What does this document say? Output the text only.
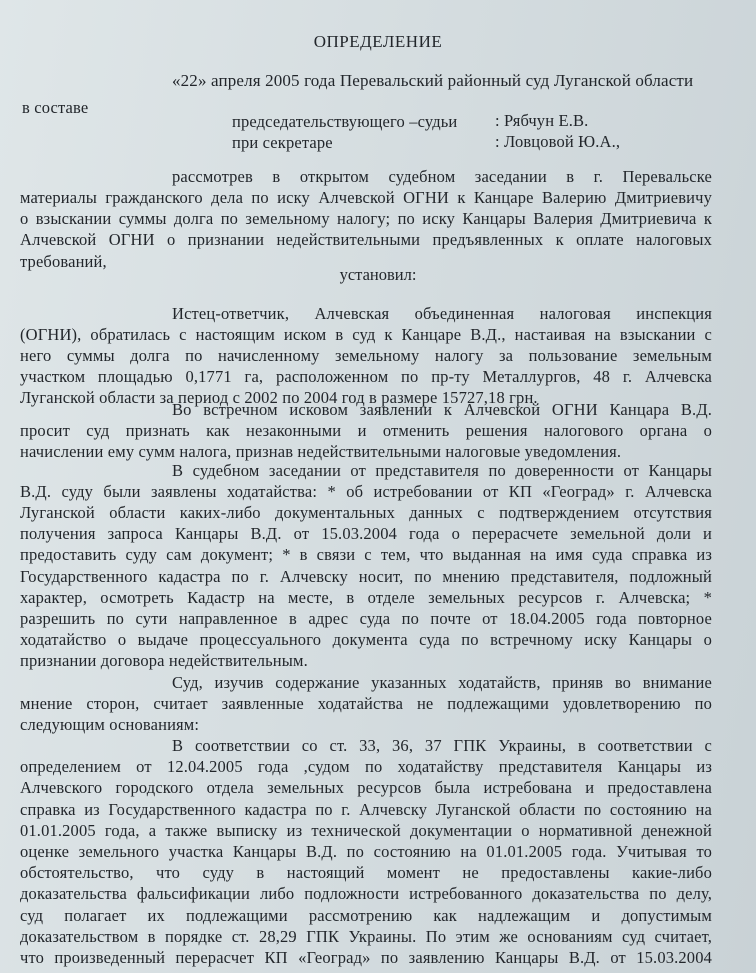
ОПРЕДЕЛЕНИЕ
«22» апреля 2005 года Перевальский районный суд Луганской области
в составе
председательствующего –судьи : Рябчун Е.В.
при секретаре	: Ловцовой Ю.А.,
рассмотрев в открытом судебном заседании в г. Перевальске
материалы гражданского дела по иску Алчевской ОГНИ к Канцаре Валерию Дмитриевичу
о взыскании суммы долга по земельному налогу; по иску Канцары Валерия Дмитриевича к
Алчевской ОГНИ о признании недействительными предъявленных к оплате налоговых
требований,
установил:
Истец-ответчик, Алчевская объединенная налоговая инспекция
(ОГНИ), обратилась с настоящим иском в суд к Канцаре В.Д., настаивая на взыскании с
него суммы долга по начисленному земельному налогу за пользование земельным
участком площадью 0,1771 га, расположенном по пр-ту Металлургов, 48 г. Алчевска
Луганской области за период с 2002 по 2004 год в размере 15727,18 грн.
Во встречном исковом заявлении к Алчевской ОГНИ Канцара В.Д.
просит суд признать как незаконными и отменить решения налогового органа о
начислении ему сумм налога, признав недействительными налоговые уведомления.
В судебном заседании от представителя по доверенности от Канцары
В.Д. суду были заявлены ходатайства: * об истребовании от КП «Геоград» г. Алчевска
Луганской области каких-либо документальных данных с подтверждением отсутствия
получения запроса Канцары В.Д. от 15.03.2004 года о перерасчете земельной доли и
предоставить суду сам документ; * в связи с тем, что выданная на имя суда справка из
Государственного кадастра по г. Алчевску носит, по мнению представителя, подложный
характер, осмотреть Кадастр на месте, в отделе земельных ресурсов г. Алчевска; *
разрешить по сути направленное в адрес суда по почте от 18.04.2005 года повторное
ходатайство о выдаче процессуального документа суда по встречному иску Канцары о
признании договора недействительным.
Суд, изучив содержание указанных ходатайств, приняв во внимание
мнение сторон, считает заявленные ходатайства не подлежащими удовлетворению по
следующим основаниям:
В соответствии со ст. 33, 36, 37 ГПК Украины, в соответствии с
определением от 12.04.2005 года ,судом по ходатайству представителя Канцары из
Алчевского городского отдела земельных ресурсов была истребована и предоставлена
справка из Государственного кадастра по г. Алчевску Луганской области по состоянию на
01.01.2005 года, а также выписку из технической документации о нормативной денежной
оценке земельного участка Канцары В.Д. по состоянию на 01.01.2005 года. Учитывая то
обстоятельство, что суду в настоящий момент не предоставлены какие-либо
доказательства фальсификации либо подложности истребованного доказательства по делу,
суд полагает их подлежащими рассмотрению как надлежащим и допустимым
доказательством в порядке ст. 28,29 ГПК Украины. По этим же основаниям суд считает,
что произведенный перерасчет КП «Геоград» по заявлению Канцары В.Д. от 15.03.2004
